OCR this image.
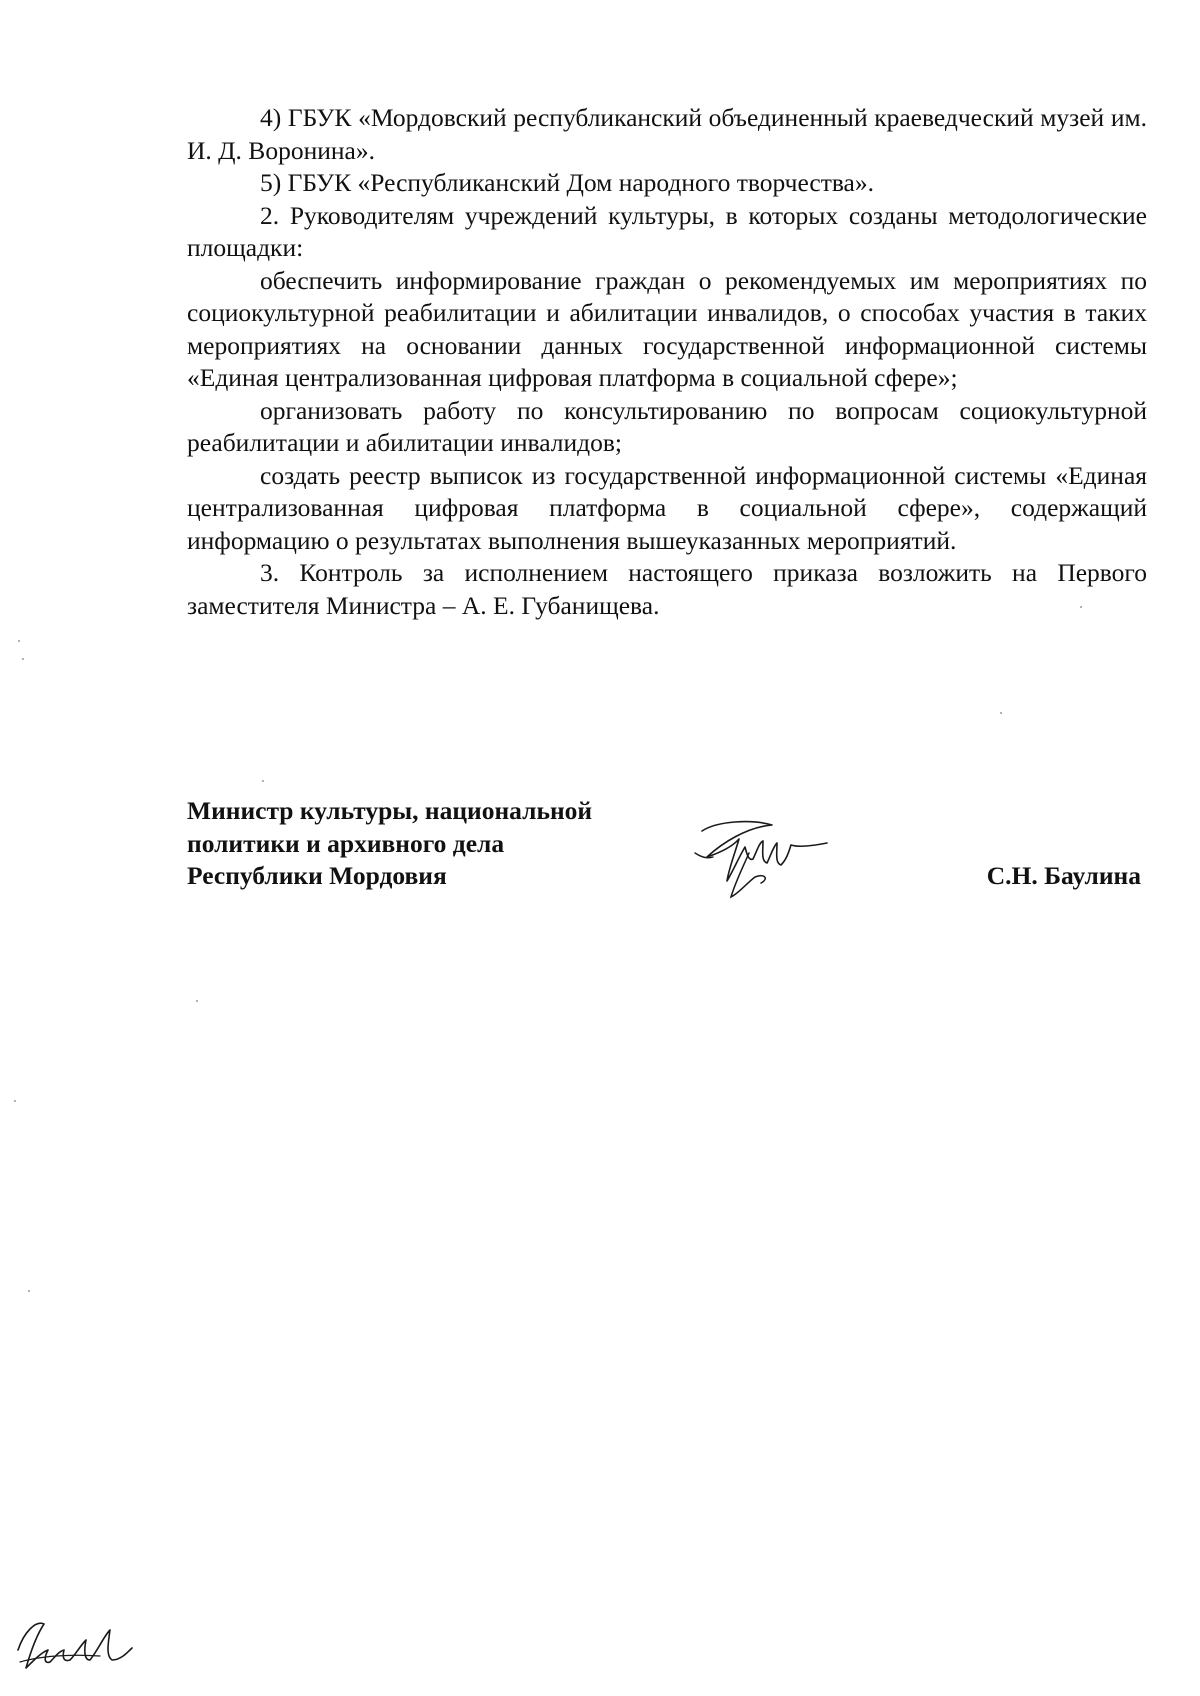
4) ГБУК «Мордовский республиканский объединенный краеведческий музей им. И. Д. Воронина».

5) ГБУК «Республиканский Дом народного творчества».

2. Руководителям учреждений культуры, в которых созданы методологические площадки:

обеспечить информирование граждан о рекомендуемых им мероприятиях по социокультурной реабилитации и абилитации инвалидов, о способах участия в таких мероприятиях на основании данных государственной информационной системы «Единая централизованная цифровая платформа в социальной сфере»;

организовать работу по консультированию по вопросам социокультурной реабилитации и абилитации инвалидов;

создать реестр выписок из государственной информационной системы «Единая централизованная цифровая платформа в социальной сфере», содержащий информацию о результатах выполнения вышеуказанных мероприятий.

3. Контроль за исполнением настоящего приказа возложить на Первого заместителя Министра – А. Е. Губанищева.

Министр культуры, национальной
политики и архивного дела
Республики Мордовия	С.Н. Баулина
